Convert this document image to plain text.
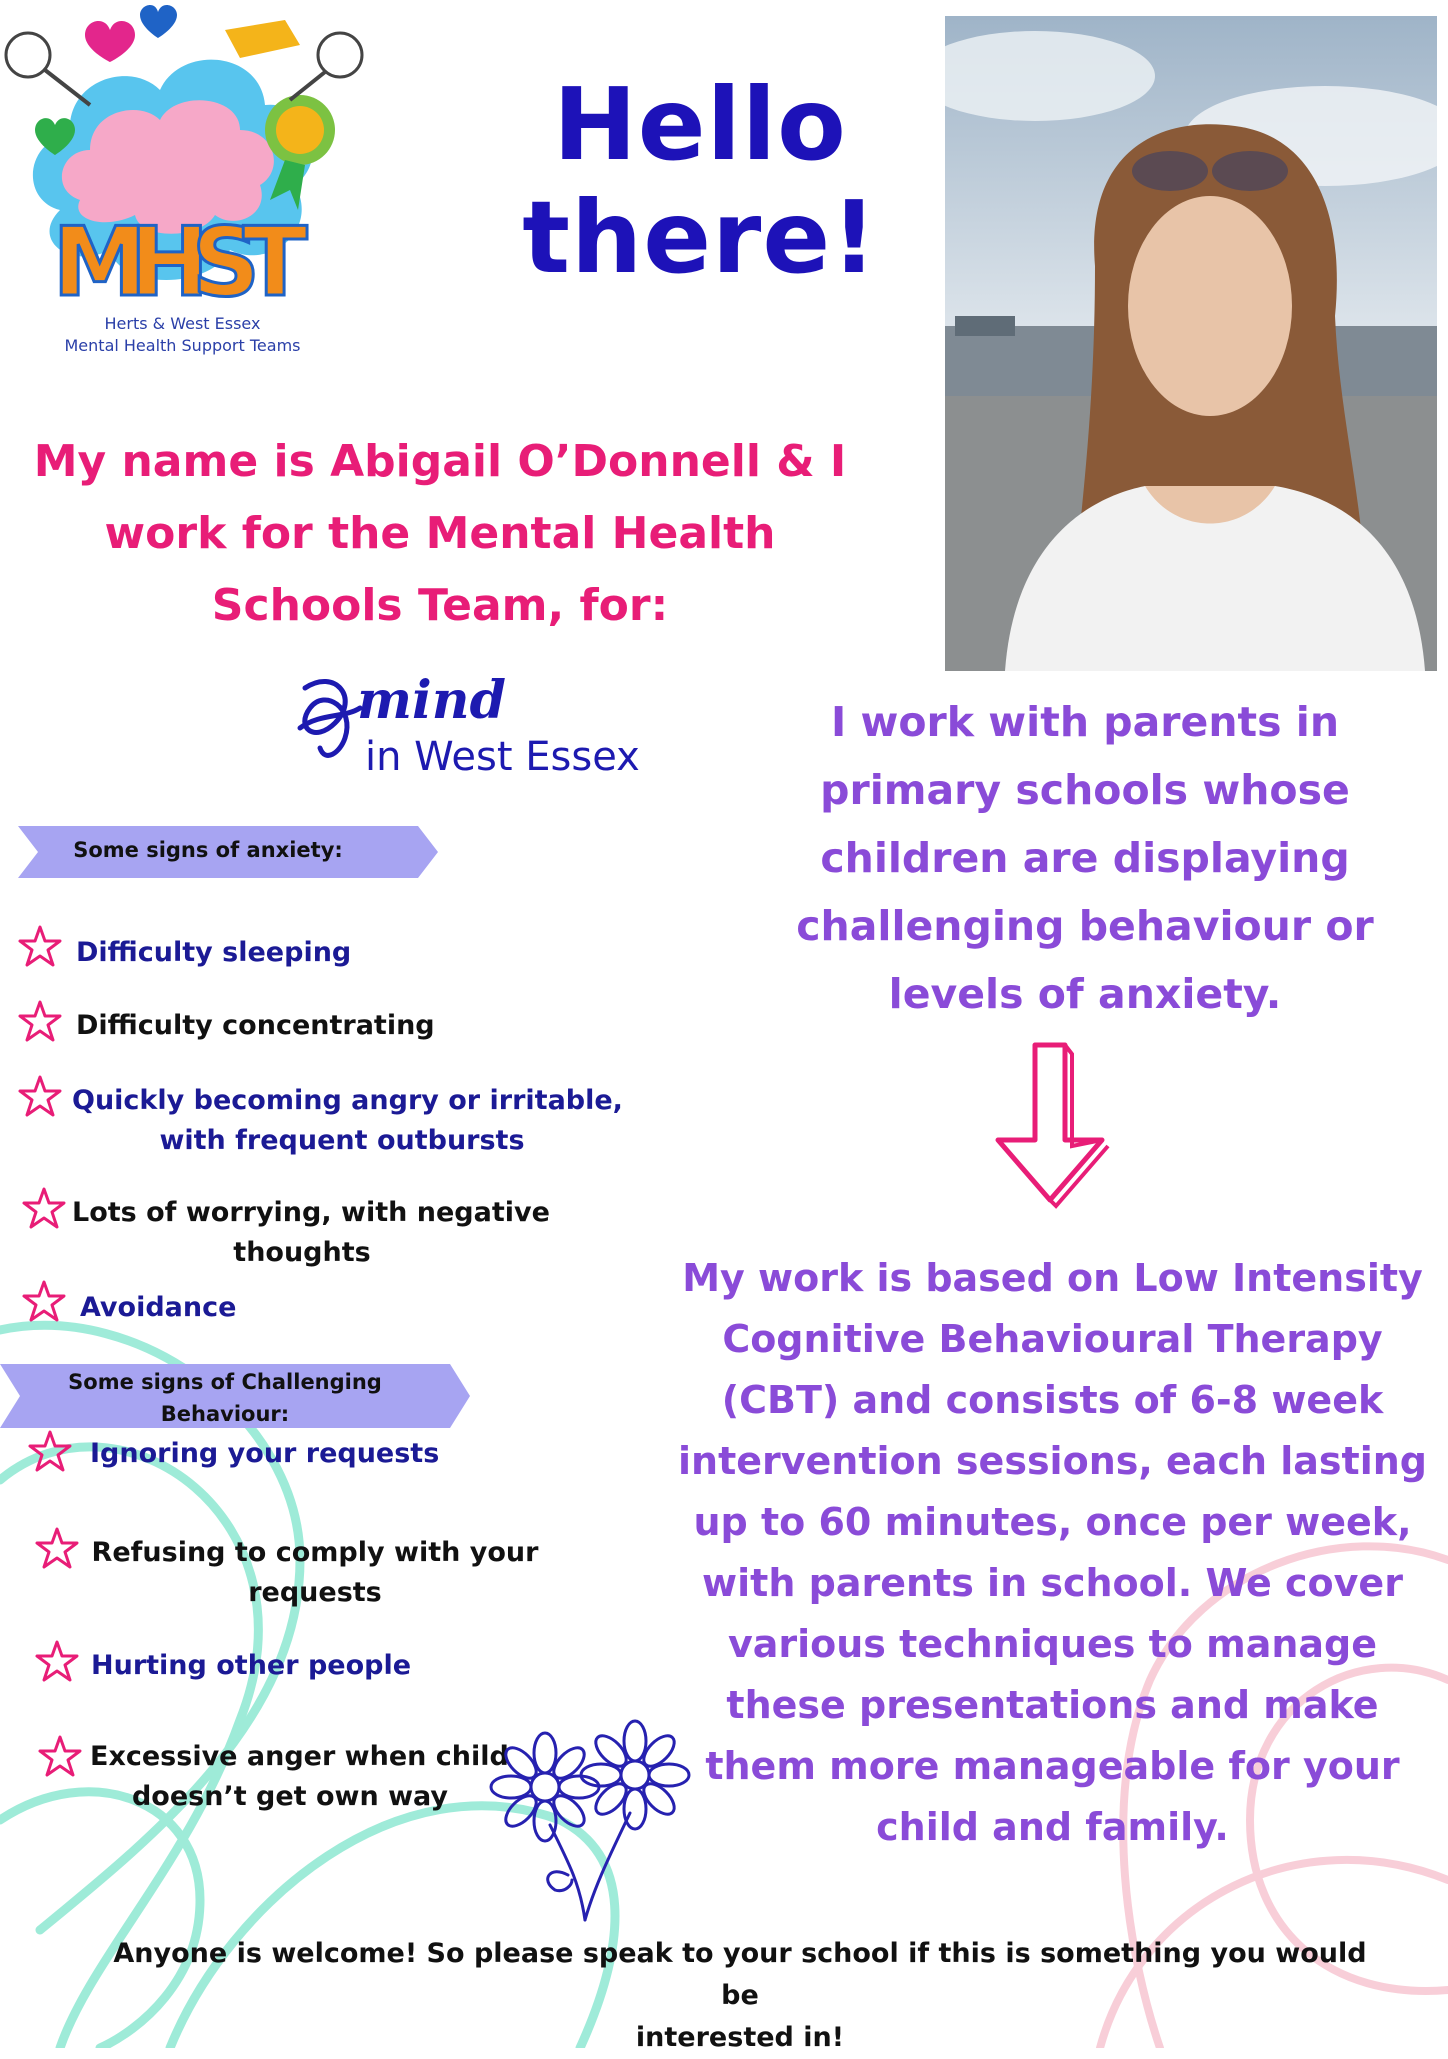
MHST
Herts & West Essex
Mental Health Support Teams
Hello
there!
My name is Abigail O’Donnell & I
work for the Mental Health
Schools Team, for:
mind
in West Essex
I work with parents in
primary schools whose
children are displaying
challenging behaviour or
levels of anxiety.
My work is based on Low Intensity
Cognitive Behavioural Therapy
(CBT) and consists of 6-8 week
intervention sessions, each lasting
up to 60 minutes, once per week,
with parents in school. We cover
various techniques to manage
these presentations and make
them more manageable for your
child and family.
Some signs of anxiety:
Difficulty sleeping
Difficulty concentrating
Quickly becoming angry or irritable,
with frequent outbursts
Lots of worrying, with negative
thoughts
Avoidance
Some signs of Challenging
Behaviour:
Ignoring your requests
Refusing to comply with your
requests
Hurting other people
Excessive anger when child
doesn’t get own way
Anyone is welcome! So please speak to your school if this is something you would be
interested in!
